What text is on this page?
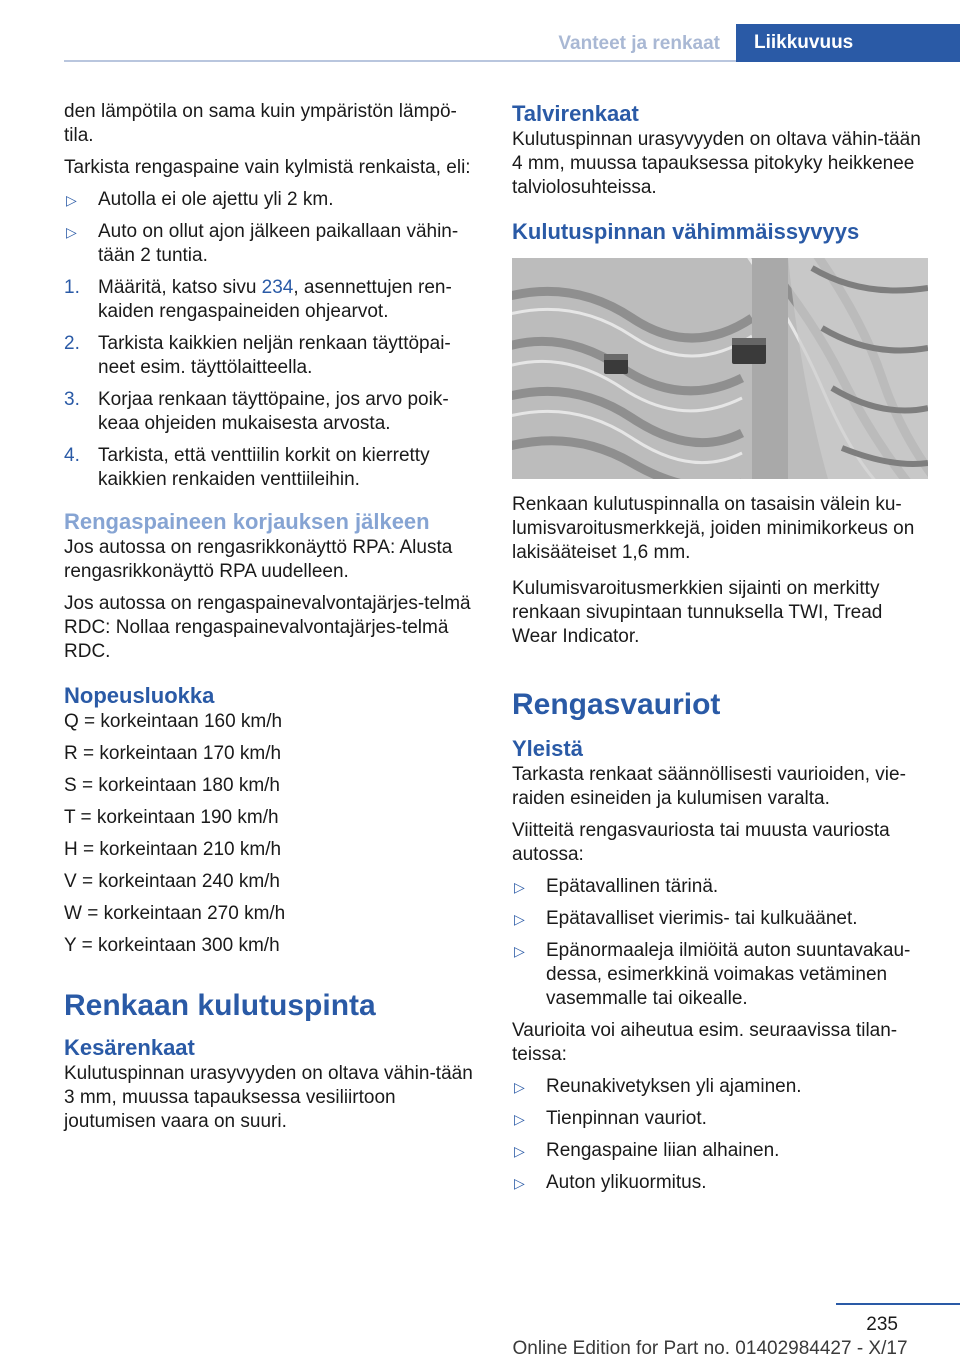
Vanteet ja renkaat	Liikkuvuus

den lämpötila on sama kuin ympäristön lämpö‐tila.

Tarkista rengaspaine vain kylmistä renkaista, eli:

▷	Autolla ei ole ajettu yli 2 km.
▷	Auto on ollut ajon jälkeen paikallaan vähin‐tään 2 tuntia.
1. Määritä, katso sivu 234, asennettujen ren‐kaiden rengaspaineiden ohjearvot.
2. Tarkista kaikkien neljän renkaan täyttöpai‐neet esim. täyttölaitteella.
3. Korjaa renkaan täyttöpaine, jos arvo poik‐keaa ohjeiden mukaisesta arvosta.
4. Tarkista, että venttiilin korkit on kierretty kaikkien renkaiden venttiileihin.
Rengaspaineen korjauksen jälkeen

Jos autossa on rengasrikkonäyttö RPA: Alusta rengasrikkonäyttö RPA uudelleen.

Jos autossa on rengaspainevalvontajärjes‐telmä RDC: Nollaa rengaspainevalvontajärjes‐telmä RDC.

Nopeusluokka

Q = korkeintaan 160 km/h

R = korkeintaan 170 km/h

S = korkeintaan 180 km/h

T = korkeintaan 190 km/h

H = korkeintaan 210 km/h

V = korkeintaan 240 km/h

W = korkeintaan 270 km/h

Y = korkeintaan 300 km/h

Renkaan kulutuspinta
Kesärenkaat

Kulutuspinnan urasyvyyden on oltava vähin‐tään 3 mm, muussa tapauksessa vesiliirtoon joutumisen vaara on suuri.

Talvirenkaat

Kulutuspinnan urasyvyyden on oltava vähin‐tään 4 mm, muussa tapauksessa pitokyky heikkenee talviolosuhteissa.

Kulutuspinnan vähimmäissyvyys

Renkaan kulutuspinnalla on tasaisin välein ku‐lumisvaroitusmerkkejä, joiden minimikorkeus on lakisääteiset 1,6 mm.

Kulumisvaroitusmerkkien sijainti on merkitty renkaan sivupintaan tunnuksella TWI, Tread Wear Indicator.

Rengasvauriot
Yleistä

Tarkasta renkaat säännöllisesti vaurioiden, vie‐raiden esineiden ja kulumisen varalta.

Viitteitä rengasvauriosta tai muusta vauriosta autossa:

▷	Epätavallinen tärinä.
▷	Epätavalliset vierimis- tai kulkuäänet.
▷	Epänormaaleja ilmiöitä auton suuntavakau‐dessa, esimerkkinä voimakas vetäminen vasemmalle tai oikealle.

Vaurioita voi aiheutua esim. seuraavissa tilan‐teissa:

▷	Reunakivetyksen yli ajaminen.
▷	Tienpinnan vauriot.
▷	Rengaspaine liian alhainen.
▷	Auton ylikuormitus.
235
Online Edition for Part no. 01402984427 - X/17
